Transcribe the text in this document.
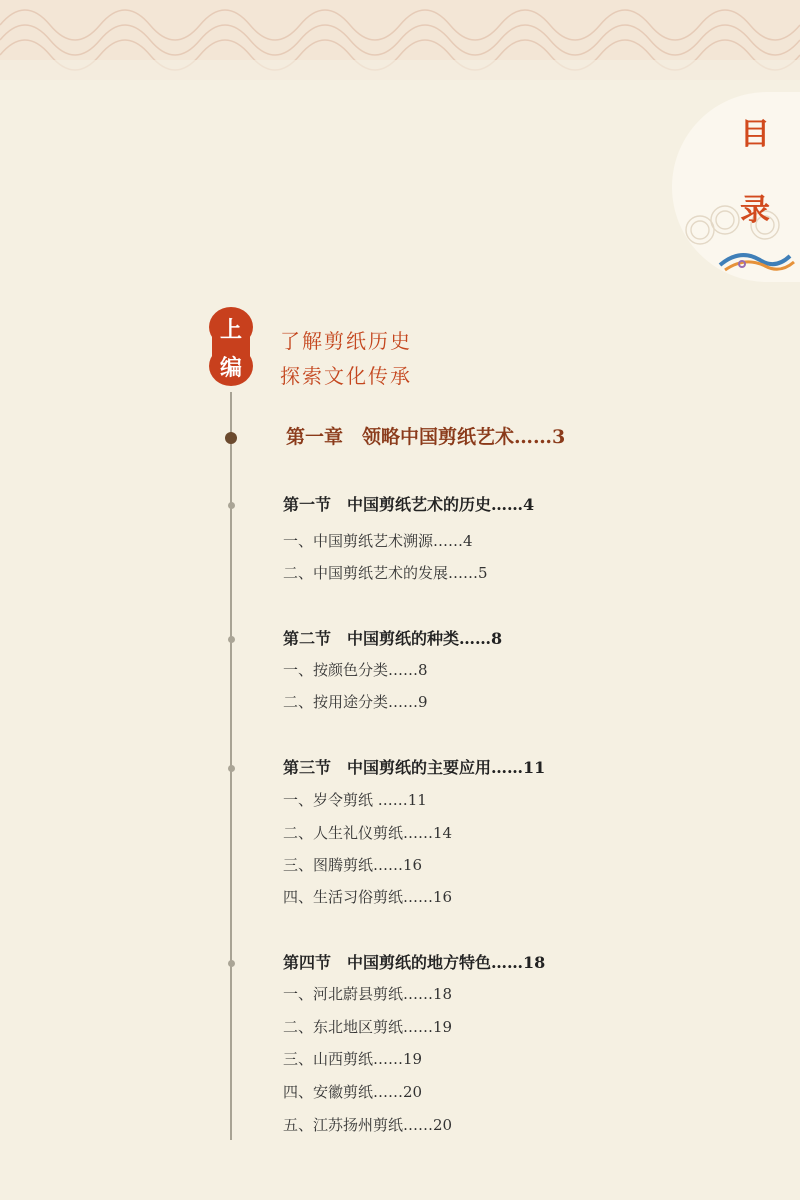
目
录
上
编
了解剪纸历史
探索文化传承
第一章　领略中国剪纸艺术……3
第一节　中国剪纸艺术的历史……4
一、中国剪纸艺术溯源……4
二、中国剪纸艺术的发展……5
第二节　中国剪纸的种类……8
一、按颜色分类……8
二、按用途分类……9
第三节　中国剪纸的主要应用……11
一、岁令剪纸 ……11
二、人生礼仪剪纸……14
三、图腾剪纸……16
四、生活习俗剪纸……16
第四节　中国剪纸的地方特色……18
一、河北蔚县剪纸……18
二、东北地区剪纸……19
三、山西剪纸……19
四、安徽剪纸……20
五、江苏扬州剪纸……20
